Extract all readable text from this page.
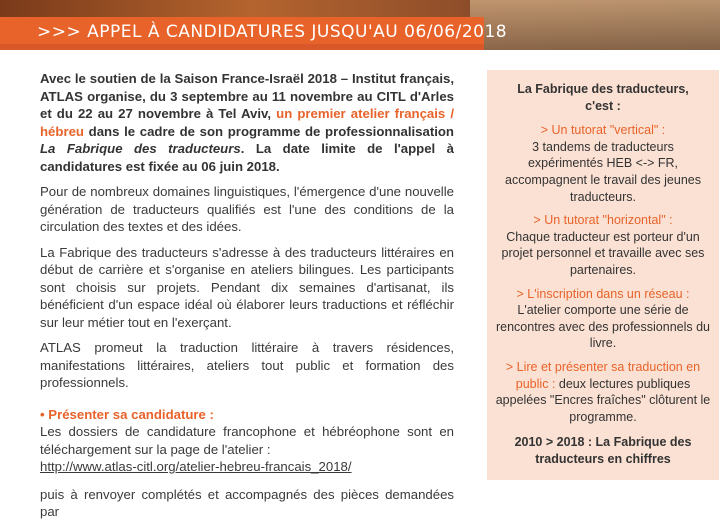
>>> APPEL À CANDIDATURES JUSQU'AU 06/06/2018

Avec le soutien de la Saison France-Israël 2018 – Institut français, ATLAS organise, du 3 septembre au 11 novembre au CITL d'Arles et du 22 au 27 novembre à Tel Aviv, un premier atelier français / hébreu dans le cadre de son programme de professionnalisation La Fabrique des traducteurs. La date limite de l'appel à candidatures est fixée au 06 juin 2018.

Pour de nombreux domaines linguistiques, l'émergence d'une nouvelle génération de traducteurs qualifiés est l'une des conditions de la circulation des textes et des idées.

La Fabrique des traducteurs s'adresse à des traducteurs littéraires en début de carrière et s'organise en ateliers bilingues. Les participants sont choisis sur projets. Pendant dix semaines d'artisanat, ils bénéficient d'un espace idéal où élaborer leurs traductions et réfléchir sur leur métier tout en l'exerçant.

ATLAS promeut la traduction littéraire à travers résidences, manifestations littéraires, ateliers tout public et formation des professionnels.

• Présenter sa candidature :
Les dossiers de candidature francophone et hébréophone sont en téléchargement sur la page de l'atelier :
http://www.atlas-citl.org/atelier-hebreu-francais_2018/

puis à renvoyer complétés et accompagnés des pièces demandées par

La Fabrique des traducteurs,
c'est :
> Un tutorat "vertical" :
3 tandems de traducteurs expérimentés HEB <-> FR, accompagnent le travail des jeunes traducteurs.
> Un tutorat "horizontal" :
Chaque traducteur est porteur d'un projet personnel et travaille avec ses partenaires.
> L'inscription dans un réseau :
L'atelier comporte une série de rencontres avec des professionnels du livre.
> Lire et présenter sa traduction en public : deux lectures publiques appelées "Encres fraîches" clôturent le programme.
2010 > 2018 : La Fabrique des
traducteurs en chiffres
